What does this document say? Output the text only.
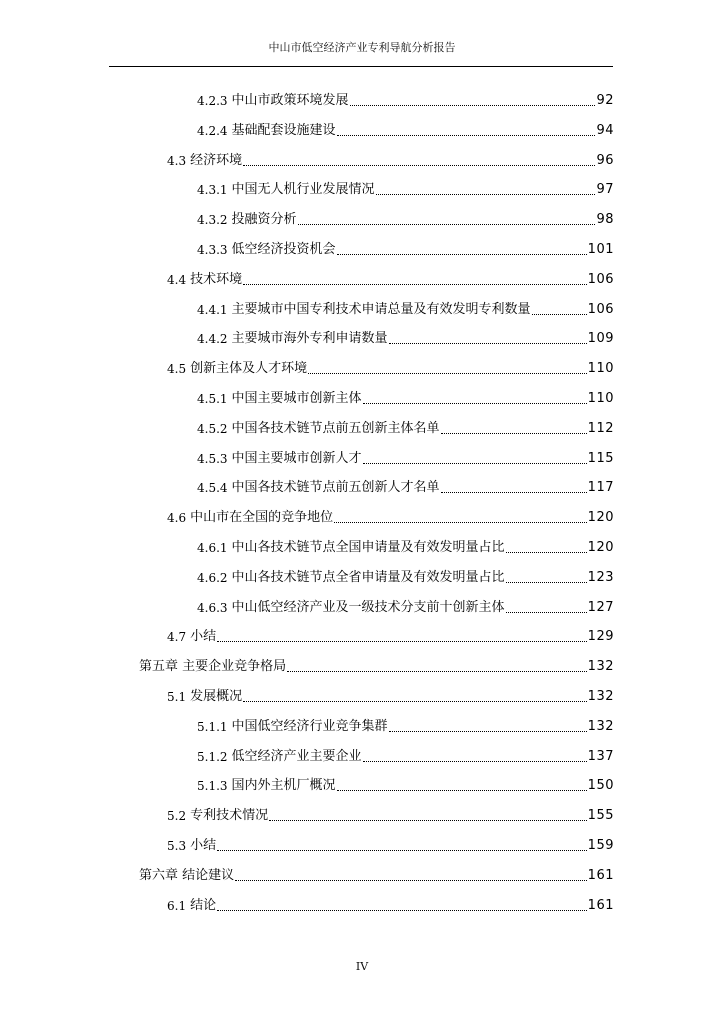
中山市低空经济产业专利导航分析报告
4.2.3 中山市政策环境发展	92
4.2.4 基础配套设施建设	94
4.3 经济环境	96
4.3.1 中国无人机行业发展情况	97
4.3.2 投融资分析	98
4.3.3 低空经济投资机会	101
4.4 技术环境	106
4.4.1 主要城市中国专利技术申请总量及有效发明专利数量	106
4.4.2 主要城市海外专利申请数量	109
4.5 创新主体及人才环境	110
4.5.1 中国主要城市创新主体	110
4.5.2 中国各技术链节点前五创新主体名单	112
4.5.3 中国主要城市创新人才	115
4.5.4 中国各技术链节点前五创新人才名单	117
4.6 中山市在全国的竞争地位	120
4.6.1 中山各技术链节点全国申请量及有效发明量占比	120
4.6.2 中山各技术链节点全省申请量及有效发明量占比	123
4.6.3 中山低空经济产业及一级技术分支前十创新主体	127
4.7 小结	129
第五章 主要企业竞争格局	132
5.1 发展概况	132
5.1.1 中国低空经济行业竞争集群	132
5.1.2 低空经济产业主要企业	137
5.1.3 国内外主机厂概况	150
5.2 专利技术情况	155
5.3 小结	159
第六章 结论建议	161
6.1 结论	161
IV
